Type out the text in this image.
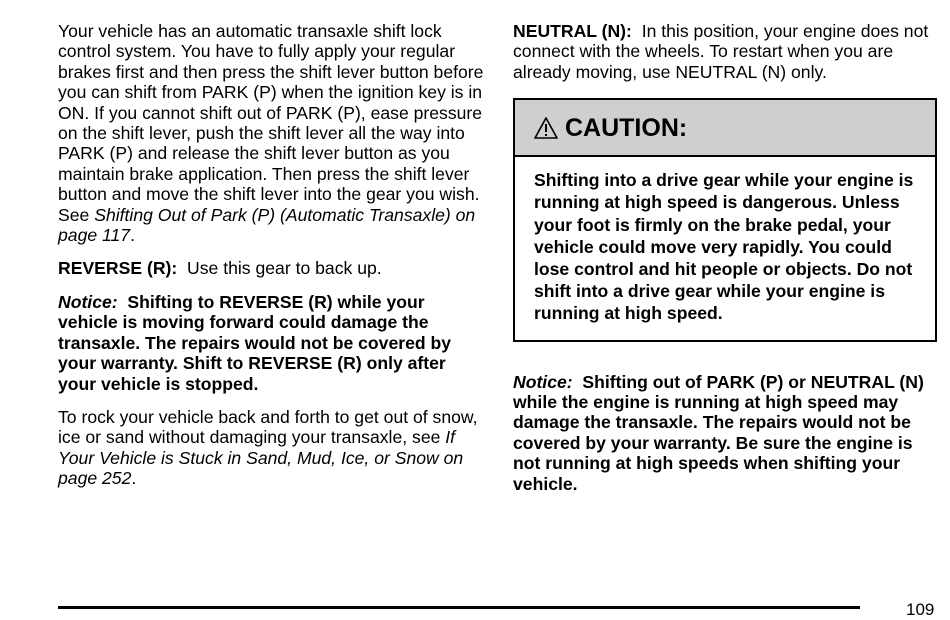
Your vehicle has an automatic transaxle shift lock control system. You have to fully apply your regular brakes first and then press the shift lever button before you can shift from PARK (P) when the ignition key is in ON. If you cannot shift out of PARK (P), ease pressure on the shift lever, push the shift lever all the way into PARK (P) and release the shift lever button as you maintain brake application. Then press the shift lever button and move the shift lever into the gear you wish. See Shifting Out of Park (P) (Automatic Transaxle) on page 117.

REVERSE (R): Use this gear to back up.

Notice: Shifting to REVERSE (R) while your vehicle is moving forward could damage the transaxle. The repairs would not be covered by your warranty. Shift to REVERSE (R) only after your vehicle is stopped.

To rock your vehicle back and forth to get out of snow, ice or sand without damaging your transaxle, see If Your Vehicle is Stuck in Sand, Mud, Ice, or Snow on page 252.

NEUTRAL (N): In this position, your engine does not connect with the wheels. To restart when you are already moving, use NEUTRAL (N) only.

CAUTION:
Shifting into a drive gear while your engine is running at high speed is dangerous. Unless your foot is firmly on the brake pedal, your vehicle could move very rapidly. You could lose control and hit people or objects. Do not shift into a drive gear while your engine is running at high speed.

Notice: Shifting out of PARK (P) or NEUTRAL (N) while the engine is running at high speed may damage the transaxle. The repairs would not be covered by your warranty. Be sure the engine is not running at high speeds when shifting your vehicle.

109
